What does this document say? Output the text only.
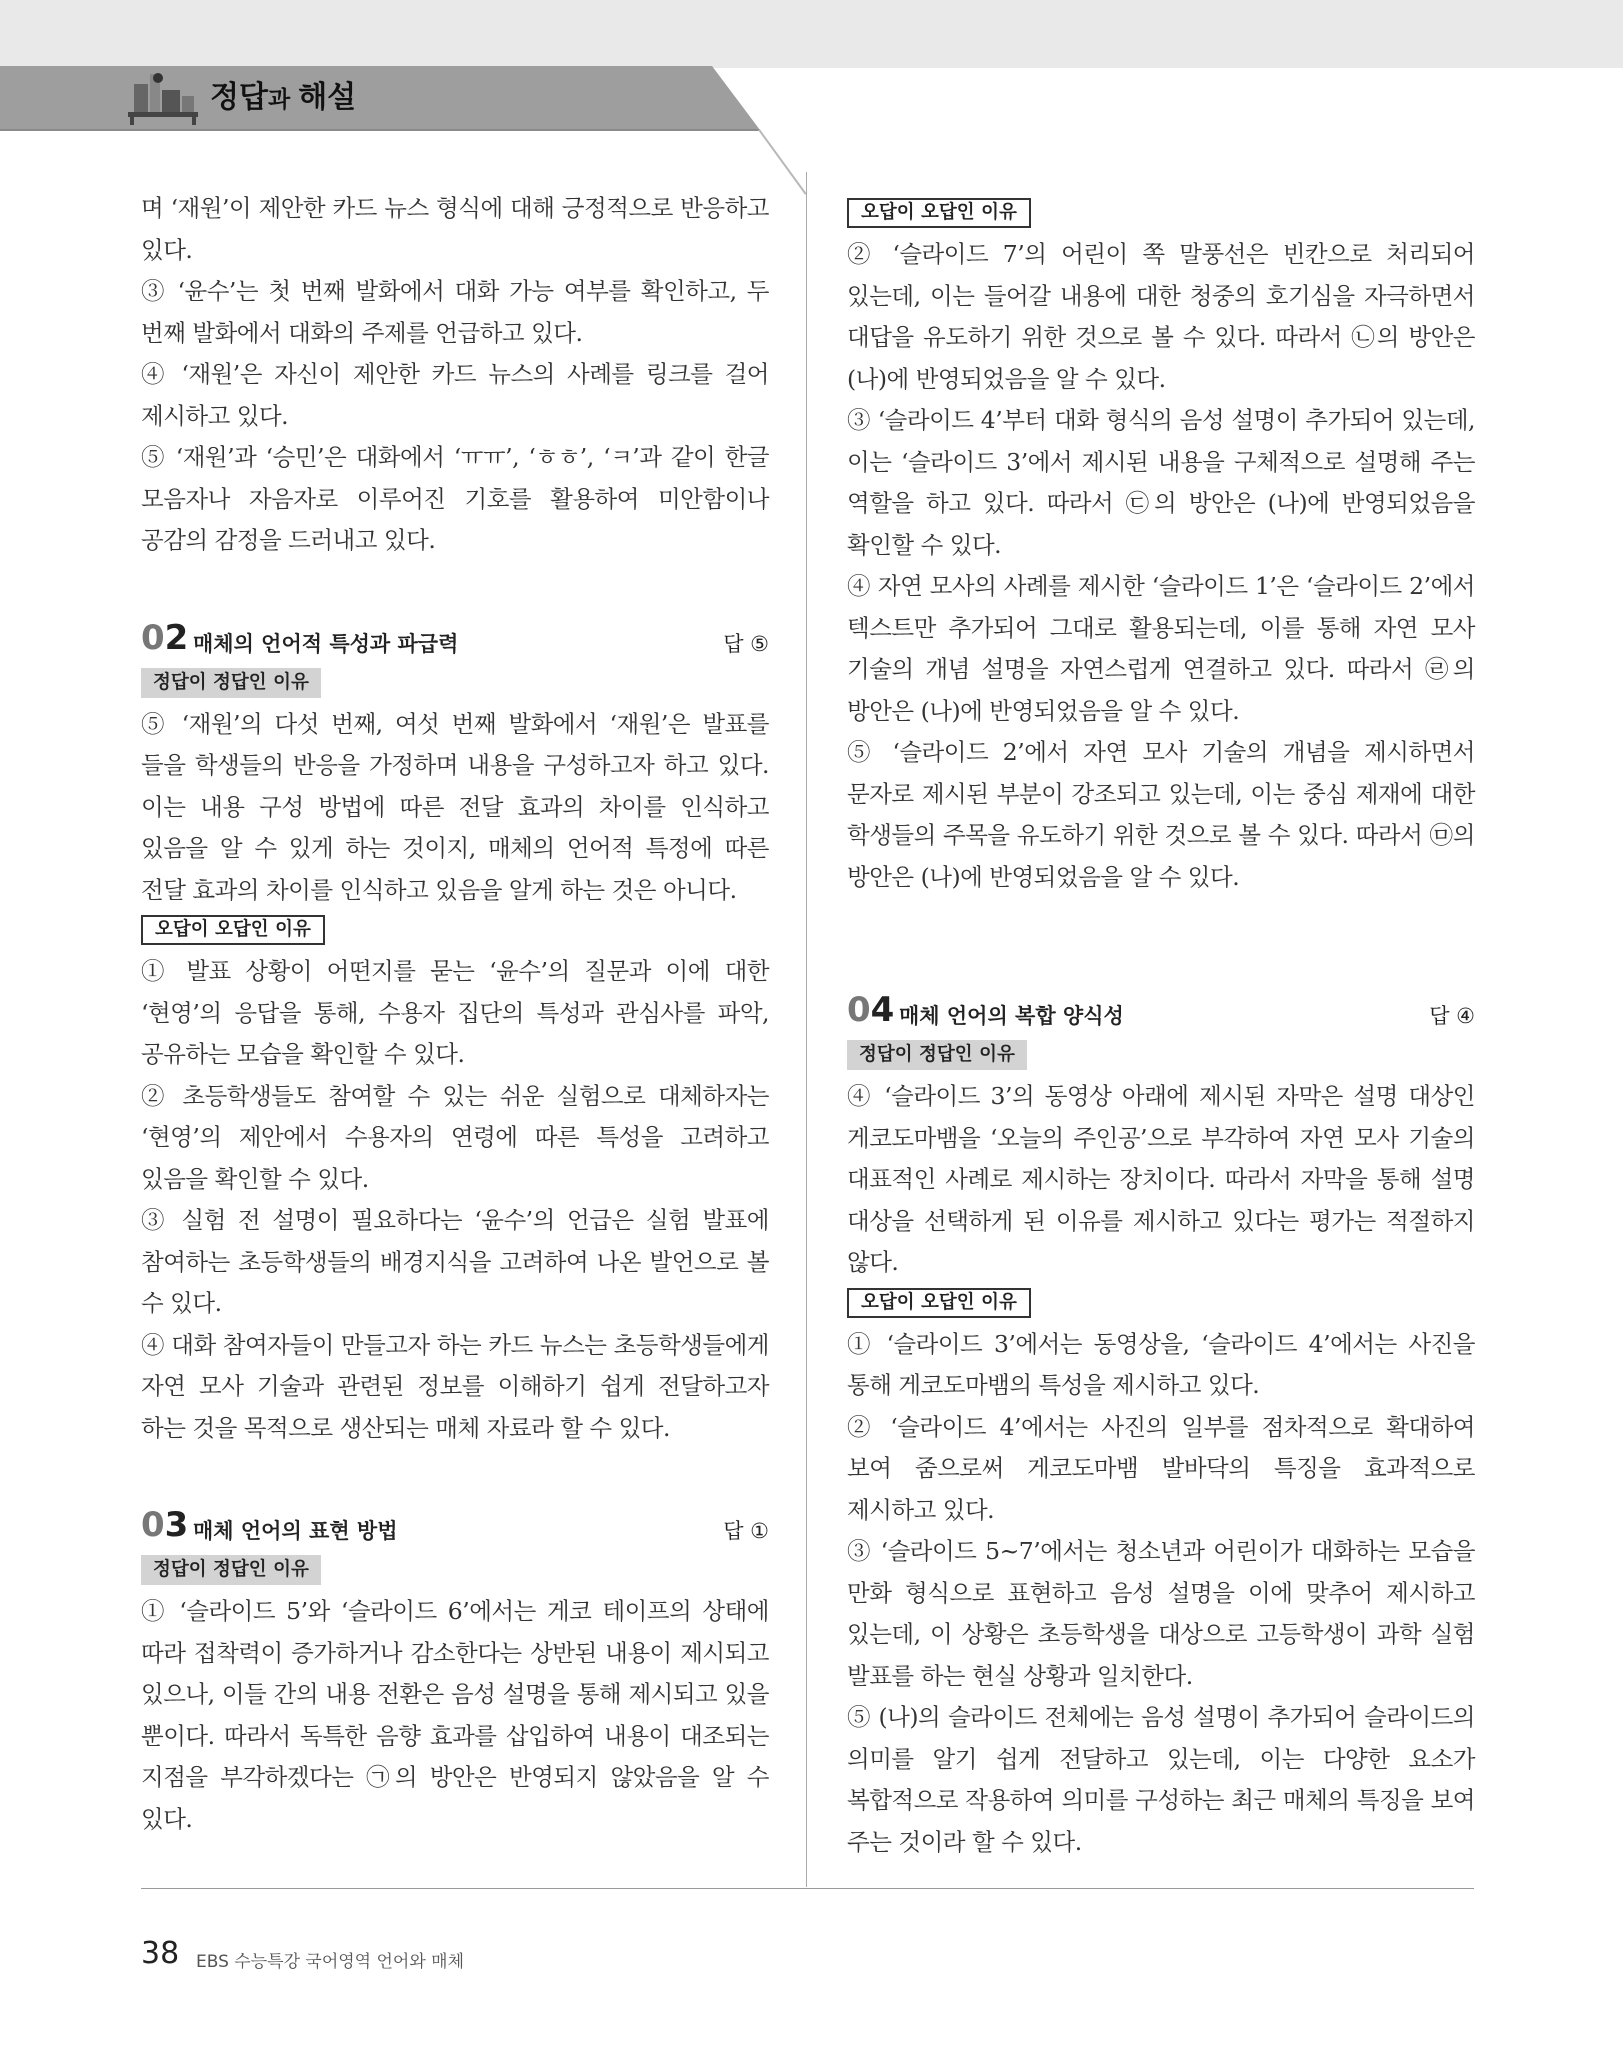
정답과 해설

며 ‘재원’이 제안한 카드 뉴스 형식에 대해 긍정적으로 반응하고 있다.

③ ‘윤수’는 첫 번째 발화에서 대화 가능 여부를 확인하고, 두 번째 발화에서 대화의 주제를 언급하고 있다.

④ ‘재원’은 자신이 제안한 카드 뉴스의 사례를 링크를 걸어 제시하고 있다.

⑤ ‘재원’과 ‘승민’은 대화에서 ‘ㅠㅠ’, ‘ㅎㅎ’, ‘ㅋ’과 같이 한글 모음자나 자음자로 이루어진 기호를 활용하여 미안함이나 공감의 감정을 드러내고 있다.

02 매체의 언어적 특성과 파급력	답 ⑤
정답이 정답인 이유

⑤ ‘재원’의 다섯 번째, 여섯 번째 발화에서 ‘재원’은 발표를 들을 학생들의 반응을 가정하며 내용을 구성하고자 하고 있다. 이는 내용 구성 방법에 따른 전달 효과의 차이를 인식하고 있음을 알 수 있게 하는 것이지, 매체의 언어적 특정에 따른 전달 효과의 차이를 인식하고 있음을 알게 하는 것은 아니다.

오답이 오답인 이유

① 발표 상황이 어떤지를 묻는 ‘윤수’의 질문과 이에 대한 ‘현영’의 응답을 통해, 수용자 집단의 특성과 관심사를 파악, 공유하는 모습을 확인할 수 있다.

② 초등학생들도 참여할 수 있는 쉬운 실험으로 대체하자는 ‘현영’의 제안에서 수용자의 연령에 따른 특성을 고려하고 있음을 확인할 수 있다.

③ 실험 전 설명이 필요하다는 ‘윤수’의 언급은 실험 발표에 참여하는 초등학생들의 배경지식을 고려하여 나온 발언으로 볼 수 있다.

④ 대화 참여자들이 만들고자 하는 카드 뉴스는 초등학생들에게 자연 모사 기술과 관련된 정보를 이해하기 쉽게 전달하고자 하는 것을 목적으로 생산되는 매체 자료라 할 수 있다.

03 매체 언어의 표현 방법	답 ①
정답이 정답인 이유

① ‘슬라이드 5’와 ‘슬라이드 6’에서는 게코 테이프의 상태에 따라 접착력이 증가하거나 감소한다는 상반된 내용이 제시되고 있으나, 이들 간의 내용 전환은 음성 설명을 통해 제시되고 있을 뿐이다. 따라서 독특한 음향 효과를 삽입하여 내용이 대조되는 지점을 부각하겠다는 ㉠의 방안은 반영되지 않았음을 알 수 있다.

오답이 오답인 이유

② ‘슬라이드 7’의 어린이 쪽 말풍선은 빈칸으로 처리되어 있는데, 이는 들어갈 내용에 대한 청중의 호기심을 자극하면서 대답을 유도하기 위한 것으로 볼 수 있다. 따라서 ㉡의 방안은 (나)에 반영되었음을 알 수 있다.

③ ‘슬라이드 4’부터 대화 형식의 음성 설명이 추가되어 있는데, 이는 ‘슬라이드 3’에서 제시된 내용을 구체적으로 설명해 주는 역할을 하고 있다. 따라서 ㉢의 방안은 (나)에 반영되었음을 확인할 수 있다.

④ 자연 모사의 사례를 제시한 ‘슬라이드 1’은 ‘슬라이드 2’에서 텍스트만 추가되어 그대로 활용되는데, 이를 통해 자연 모사 기술의 개념 설명을 자연스럽게 연결하고 있다. 따라서 ㉣의 방안은 (나)에 반영되었음을 알 수 있다.

⑤ ‘슬라이드 2’에서 자연 모사 기술의 개념을 제시하면서 문자로 제시된 부분이 강조되고 있는데, 이는 중심 제재에 대한 학생들의 주목을 유도하기 위한 것으로 볼 수 있다. 따라서 ㉤의 방안은 (나)에 반영되었음을 알 수 있다.

04 매체 언어의 복합 양식성	답 ④
정답이 정답인 이유

④ ‘슬라이드 3’의 동영상 아래에 제시된 자막은 설명 대상인 게코도마뱀을 ‘오늘의 주인공’으로 부각하여 자연 모사 기술의 대표적인 사례로 제시하는 장치이다. 따라서 자막을 통해 설명 대상을 선택하게 된 이유를 제시하고 있다는 평가는 적절하지 않다.

오답이 오답인 이유

① ‘슬라이드 3’에서는 동영상을, ‘슬라이드 4’에서는 사진을 통해 게코도마뱀의 특성을 제시하고 있다.

② ‘슬라이드 4’에서는 사진의 일부를 점차적으로 확대하여 보여 줌으로써 게코도마뱀 발바닥의 특징을 효과적으로 제시하고 있다.

③ ‘슬라이드 5~7’에서는 청소년과 어린이가 대화하는 모습을 만화 형식으로 표현하고 음성 설명을 이에 맞추어 제시하고 있는데, 이 상황은 초등학생을 대상으로 고등학생이 과학 실험 발표를 하는 현실 상황과 일치한다.

⑤ (나)의 슬라이드 전체에는 음성 설명이 추가되어 슬라이드의 의미를 알기 쉽게 전달하고 있는데, 이는 다양한 요소가 복합적으로 작용하여 의미를 구성하는 최근 매체의 특징을 보여 주는 것이라 할 수 있다.

38 EBS 수능특강 국어영역 언어와 매체
